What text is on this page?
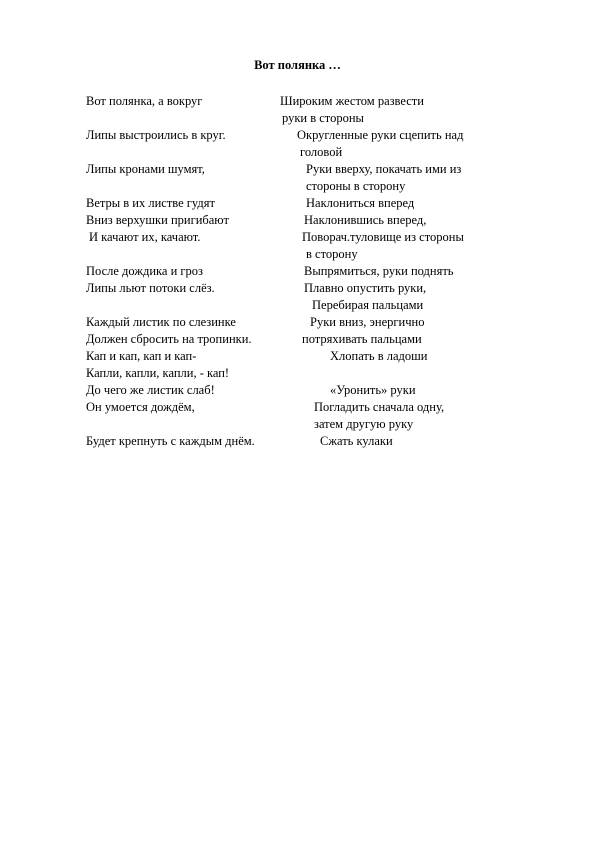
Вот полянка …
Вот полянка, а вокруг	Широким жестом развести
руки в стороны
Липы выстроились в круг.	Округленные руки сцепить над
головой
Липы кронами шумят,	Руки вверху, покачать ими из
стороны в сторону
Ветры в их листве гудят	Наклониться вперед
Вниз верхушки пригибают	Наклонившись вперед,
И качают их, качают.	Поворач.туловище из стороны
в сторону
После дождика и гроз	Выпрямиться, руки поднять
Липы льют потоки слёз.	Плавно опустить руки,
Перебирая пальцами
Каждый листик по слезинке	Руки вниз, энергично
Должен сбросить на тропинки.	потряхивать пальцами
Кап и кап, кап и кап-	Хлопать в ладоши
Капли, капли, капли, - кап!
До чего же листик слаб!	«Уронить» руки
Он умоется дождём,	Погладить сначала одну,
затем другую руку
Будет крепнуть с каждым днём.	Сжать кулаки
